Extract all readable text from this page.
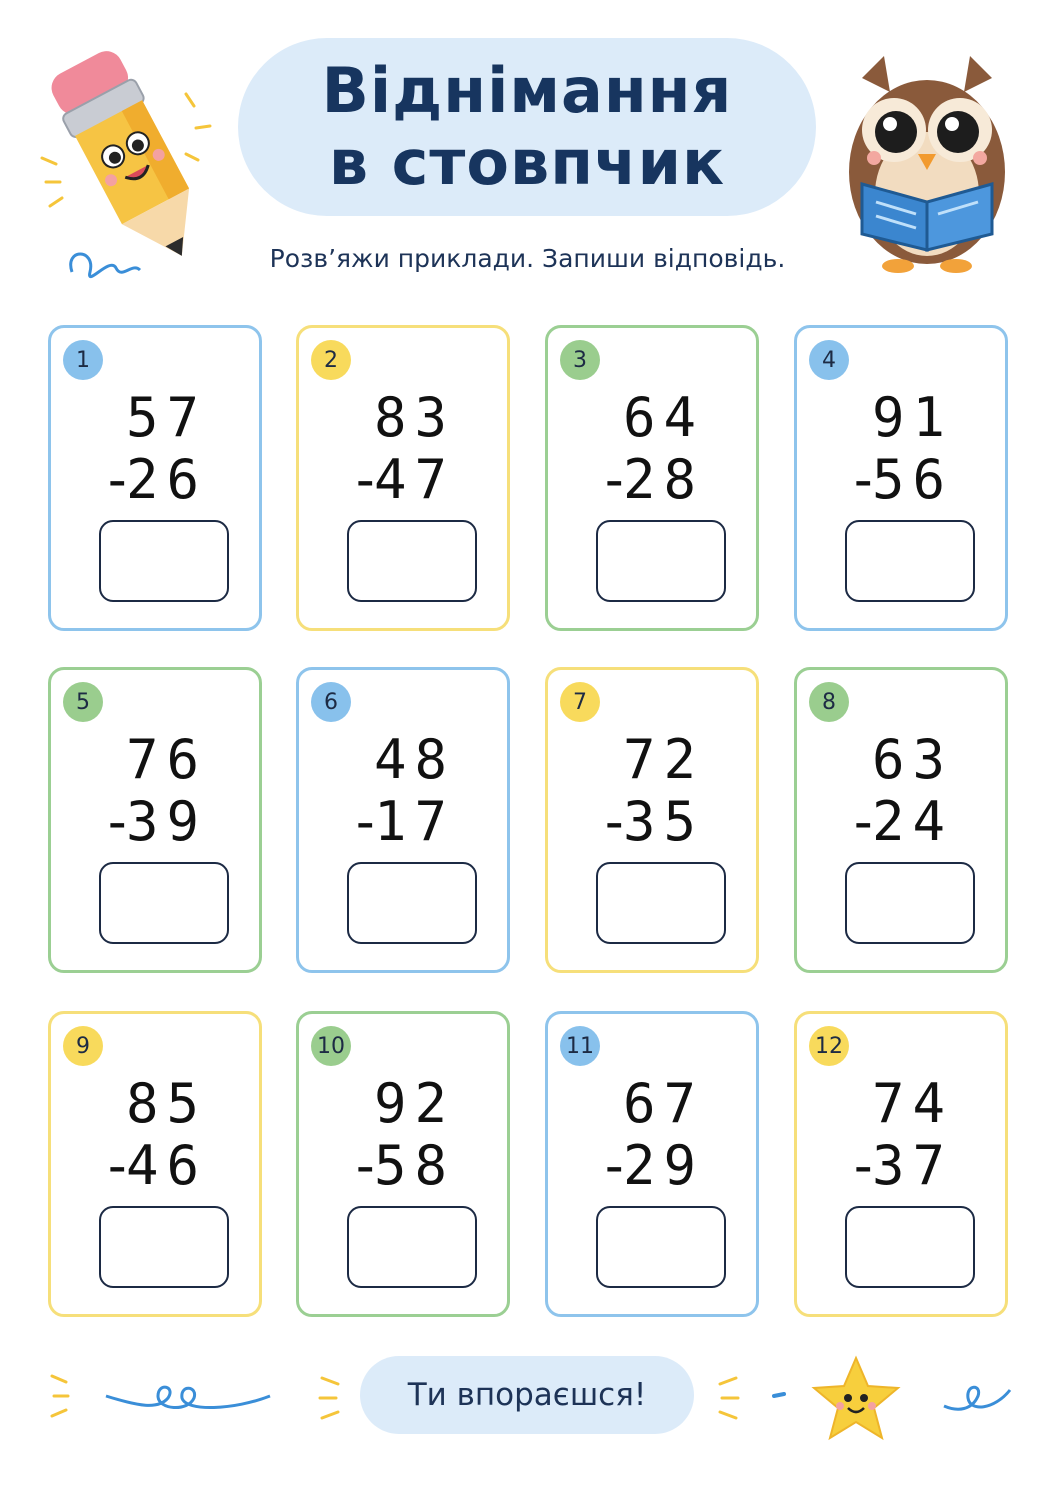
Віднімання
в стовпчик
Розв’яжи приклади. Запиши відповідь.
1
57
-
26
2
83
-
47
3
64
-
28
4
91
-
56
5
76
-
39
6
48
-
17
7
72
-
35
8
63
-
24
9
85
-
46
10
92
-
58
11
67
-
29
12
74
-
37
Ти впораєшся!
